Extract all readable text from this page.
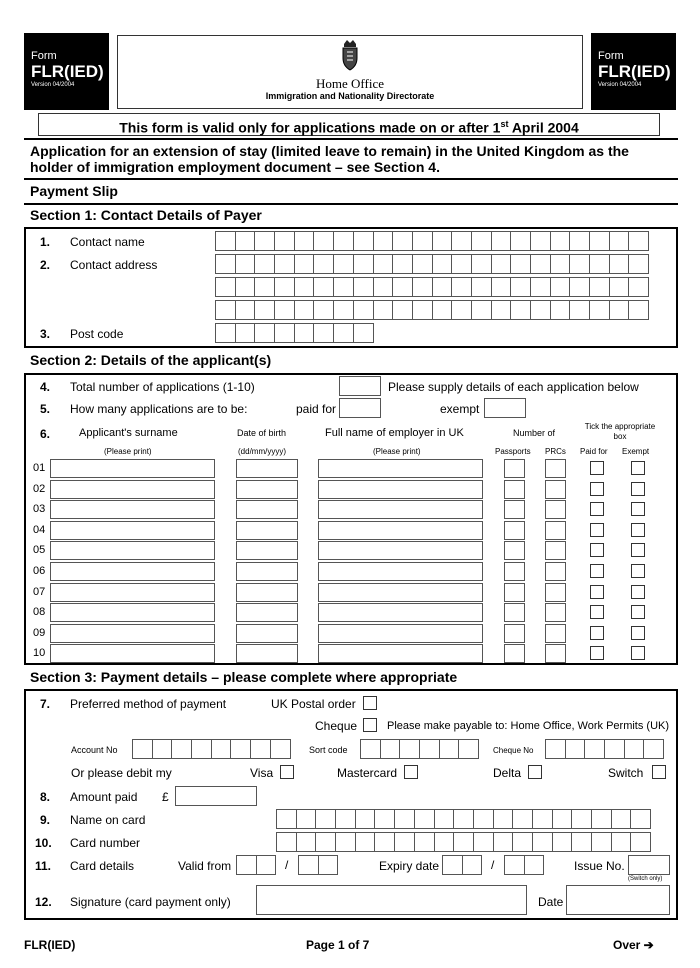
Form
FLR(IED)
Version 04/2004	Home Office
Immigration and Nationality Directorate
Form
FLR(IED)
Version 04/2004
This form is valid only for applications made on or after 1st April 2004
Application for an extension of stay (limited leave to remain) in the United Kingdom as the holder of immigration employment document – see Section 4.
Payment Slip
Section 1: Contact Details of Payer
1. Contact name
2. Contact address
3. Post code
Section 2: Details of the applicant(s)
4. Total number of applications (1-10)	Please supply details of each application below
5. How many applications are to be:	paid for	exempt
6.	Applicant's surname
(Please print)
Date of birth
(dd/mm/yyyy)
Full name of employer in UK
(Please print)
Number of
Passports PRCs
Tick the appropriate box
Paid for Exempt
01
02
03
04
05
06
07
08
09
10
Section 3: Payment details – please complete where appropriate
7. Preferred method of payment	UK Postal order
Cheque	Please make payable to: Home Office, Work Permits (UK)
Account No	Sort code	Cheque No
Or please debit my	Visa	Mastercard	Delta	Switch
8. Amount paid £
9. Name on card
10. Card number
11. Card details	Valid from	/	Expiry date	/	Issue No.
(Switch only)
12. Signature (card payment only)	Date
FLR(IED)	Page 1 of 7	Over ➔
